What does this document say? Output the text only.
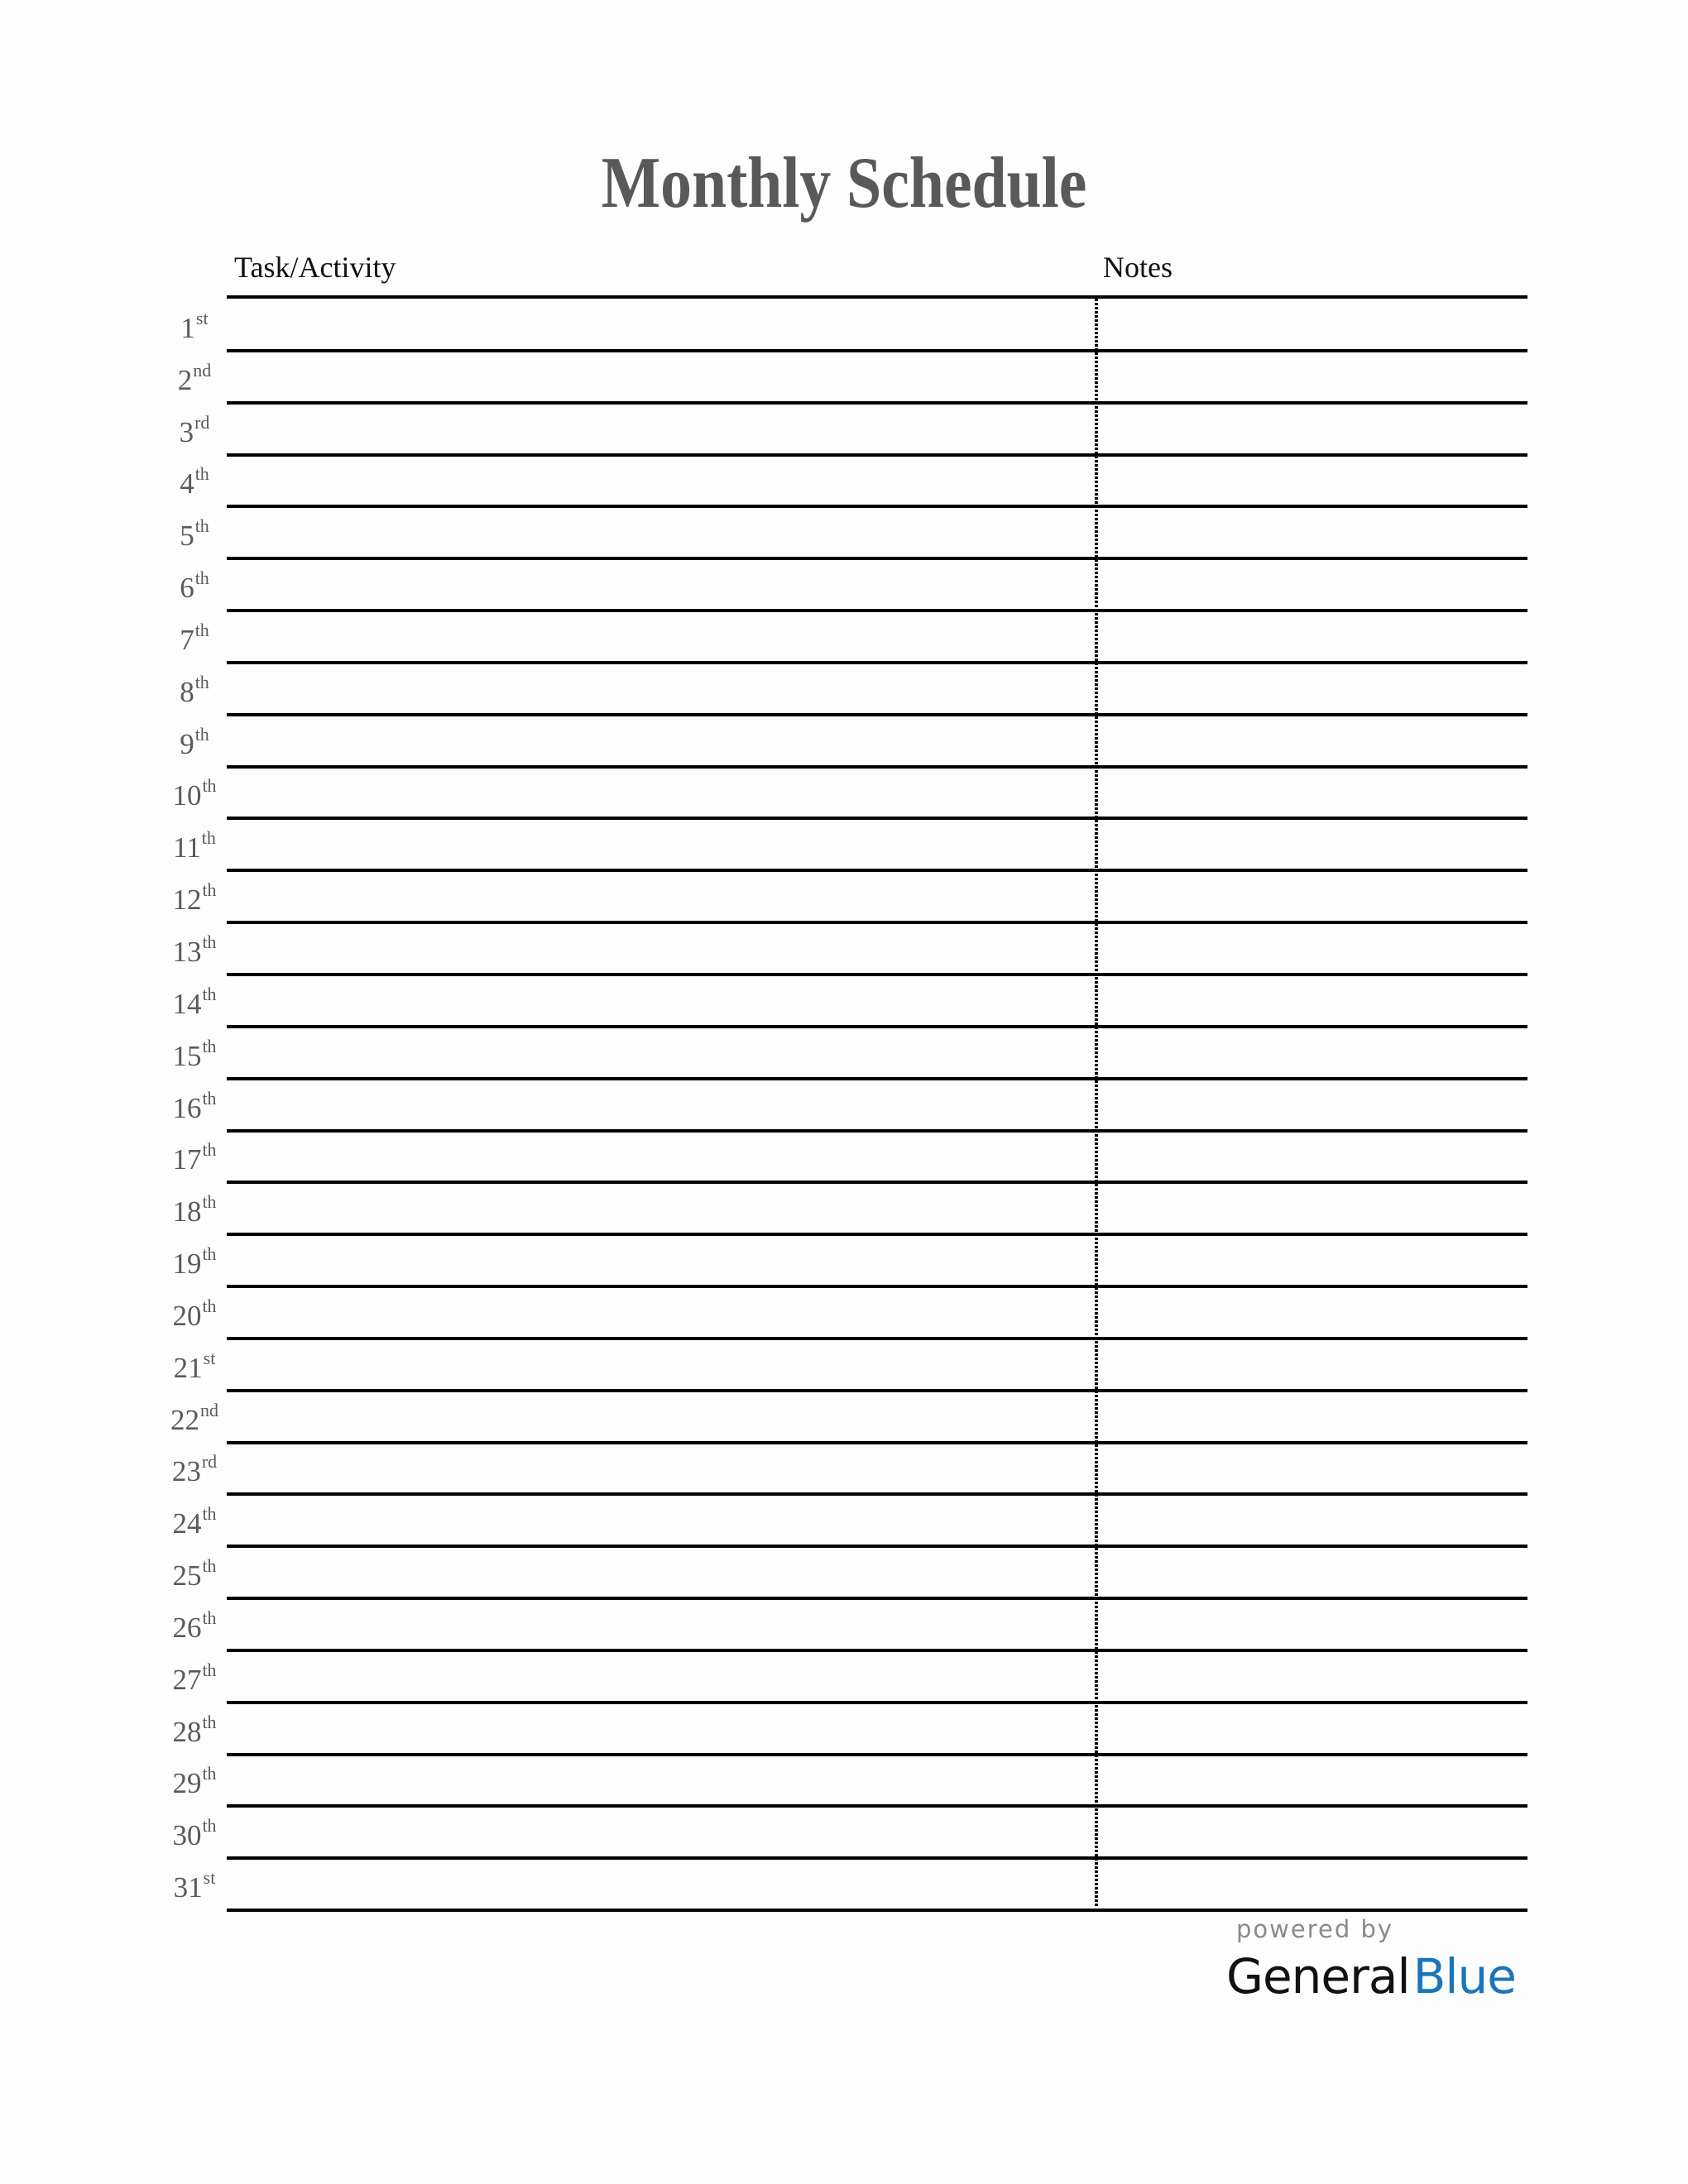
Monthly Schedule
Task/Activity	Notes
1st
2nd
3rd
4th
5th
6th
7th
8th
9th
10th
11th
12th
13th
14th
15th
16th
17th
18th
19th
20th
21st
22nd
23rd
24th
25th
26th
27th
28th
29th
30th
31st
powered by
GeneralBlue
